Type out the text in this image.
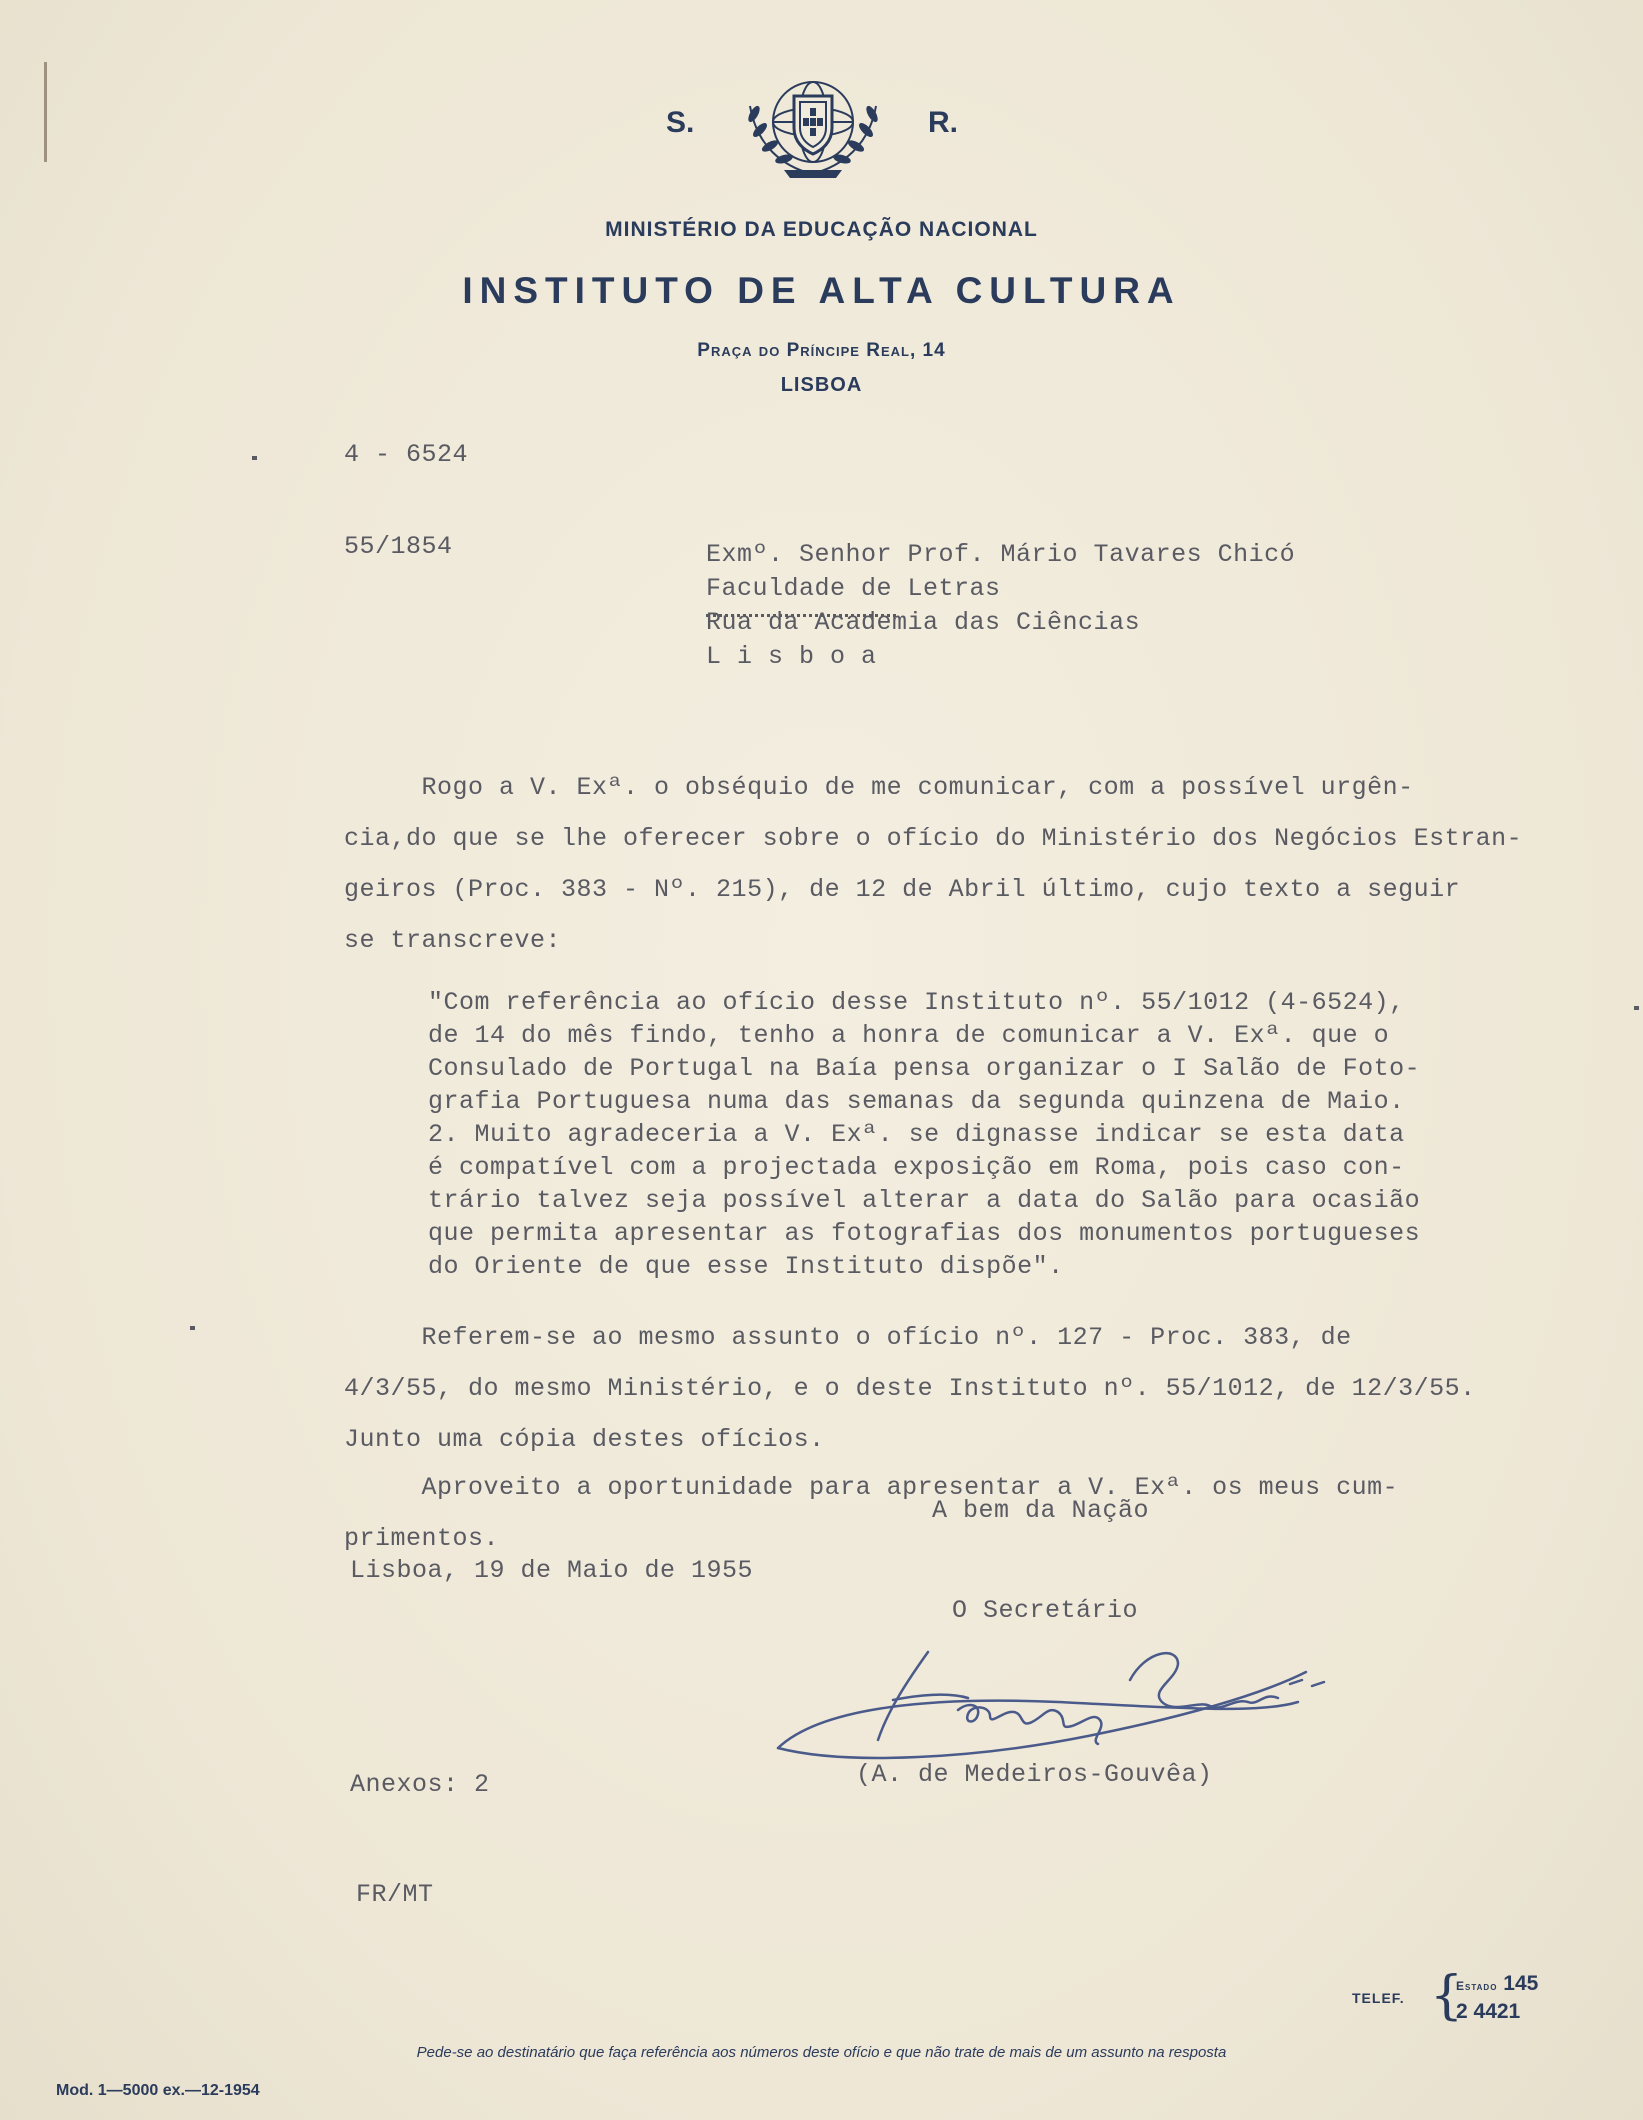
S.	R.
MINISTÉRIO DA EDUCAÇÃO NACIONAL
INSTITUTO DE ALTA CULTURA
Praça do Príncipe Real, 14
LISBOA
4 - 6524
55/1854

	Exmº. Senhor Prof. Mário Tavares Chicó
Faculdade de Letras
Rua da Academia das Ciências
L i s b o a

Rogo a V. Exª. o obséquio de me comunicar, com a possível urgên-
cia,do que se lhe oferecer sobre o ofício do Ministério dos Negócios Estran-
geiros (Proc. 383 - Nº. 215), de 12 de Abril último, cujo texto a seguir
se transcreve:

"Com referência ao ofício desse Instituto nº. 55/1012 (4-6524),
de 14 do mês findo, tenho a honra de comunicar a V. Exª. que o
Consulado de Portugal na Baía pensa organizar o I Salão de Foto-
grafia Portuguesa numa das semanas da segunda quinzena de Maio.
2. Muito agradeceria a V. Exª. se dignasse indicar se esta data
é compatível com a projectada exposição em Roma, pois caso con-
trário talvez seja possível alterar a data do Salão para ocasião
que permita apresentar as fotografias dos monumentos portugueses
do Oriente de que esse Instituto dispõe".

Referem-se ao mesmo assunto o ofício nº. 127 - Proc. 383, de
4/3/55, do mesmo Ministério, e o deste Instituto nº. 55/1012, de 12/3/55.
Junto uma cópia destes ofícios.

Aproveito a oportunidade para apresentar a V. Exª. os meus cum-
primentos.

A bem da Nação
Lisboa, 19 de Maio de 1955
O Secretário
(A. de Medeiros-Gouvêa)
Anexos: 2
FR/MT
TELEF. {
Estado 145
2 4421
Pede-se ao destinatário que faça referência aos números deste ofício e que não trate de mais de um assunto na resposta
Mod. 1—5000 ex.—12-1954
